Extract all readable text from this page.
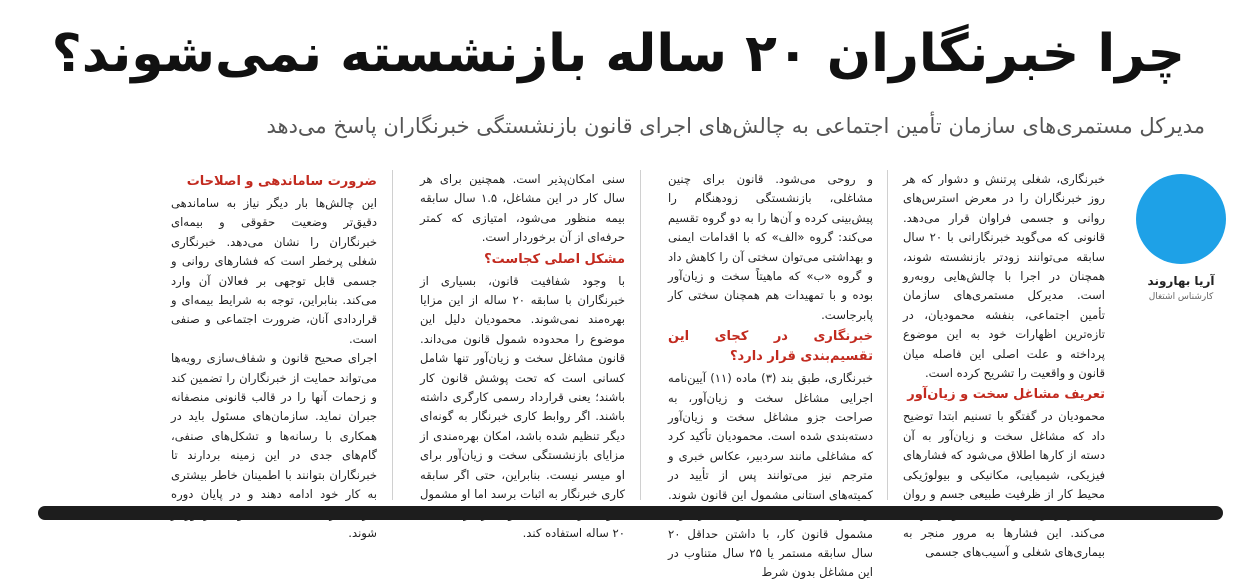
چرا خبرنگاران ۲۰ ساله بازنشسته نمی‌شوند؟
مدیرکل مستمری‌های سازمان تأمین اجتماعی به چالش‌های اجرای قانون بازنشستگی خبرنگاران پاسخ می‌دهد
آریا بهاروند
کارشناس اشتغال

خبرنگاری، شغلی پرتنش و دشوار که هر روز خبرنگاران را در معرض استرس‌های روانی و جسمی فراوان قرار می‌دهد. قانونی که می‌گوید خبرنگارانی با ۲۰ سال سابقه می‌توانند زودتر بازنشسته شوند، همچنان در اجرا با چالش‌هایی روبه‌رو است. مدیرکل مستمری‌های سازمان تأمین اجتماعی، بنفشه محمودیان، در تازه‌ترین اظهارات خود به این موضوع پرداخته و علت اصلی این فاصله میان قانون و واقعیت را تشریح کرده است.

تعریف مشاغل سخت و زیان‌آور

محمودیان در گفتگو با تسنیم ابتدا توضیح داد که مشاغل سخت و زیان‌آور به آن دسته از کارها اطلاق می‌شود که فشارهای فیزیکی، شیمیایی، مکانیکی و بیولوژیکی محیط کار از ظرفیت طبیعی جسم و روان می‌کند. این فشارها به مرور منجر به بیماری‌های شغلی و آسیب‌های جسمی

و روحی می‌شود. قانون برای چنین مشاغلی، بازنشستگی زودهنگام را پیش‌بینی کرده و آن‌ها را به دو گروه تقسیم می‌کند: گروه «الف» که با اقدامات ایمنی و بهداشتی می‌توان سختی آن را کاهش داد و گروه «ب» که ماهیتاً سخت و زیان‌آور بوده و با تمهیدات هم همچنان سختی کار پابرجاست.

خبرنگاری در کجای این تقسیم‌بندی قرار دارد؟

خبرنگاری، طبق بند (۳) ماده (۱۱) آیین‌نامه اجرایی مشاغل سخت و زیان‌آور، به صراحت جزو مشاغل سخت و زیان‌آور دسته‌بندی شده است. محمودیان تأکید کرد که مشاغلی مانند سردبیر، عکاس خبری و مترجم نیز می‌توانند پس از تأیید در کمیته‌های استانی مشمول این قانون شوند. مشمول قانون کار، با داشتن حداقل ۲۰ سال سابقه مستمر یا ۲۵ سال متناوب در این مشاغل بدون شرط

سنی امکان‌پذیر است. همچنین برای هر سال کار در این مشاغل، ۱.۵ سال سابقه بیمه منظور می‌شود، امتیازی که کمتر حرفه‌ای از آن برخوردار است.

مشکل اصلی کجاست؟

با وجود شفافیت قانون، بسیاری از خبرنگاران با سابقه ۲۰ ساله از این مزایا بهره‌مند نمی‌شوند. محمودیان دلیل این موضوع را محدوده شمول قانون می‌داند. قانون مشاغل سخت و زیان‌آور تنها شامل کسانی است که تحت پوشش قانون کار باشند؛ یعنی قرارداد رسمی کارگری داشته باشند. اگر روابط کاری خبرنگار به گونه‌ای دیگر تنظیم شده باشد، امکان بهره‌مندی از مزایای بازنشستگی سخت و زیان‌آور برای او میسر نیست. بنابراین، حتی اگر سابقه کاری خبرنگار به اثبات برسد اما او مشمول ۲۰ ساله استفاده کند.

ضرورت ساماندهی و اصلاحات

این چالش‌ها بار دیگر نیاز به ساماندهی دقیق‌تر وضعیت حقوقی و بیمه‌ای خبرنگاران را نشان می‌دهد. خبرنگاری شغلی پرخطر است که فشارهای روانی و جسمی قابل توجهی بر فعالان آن وارد می‌کند. بنابراین، توجه به شرایط بیمه‌ای و قراردادی آنان، ضرورت اجتماعی و صنفی است.

اجرای صحیح قانون و شفاف‌سازی رویه‌ها می‌تواند حمایت از خبرنگاران را تضمین کند و زحمات آنها را در قالب قانونی منصفانه جبران نماید. سازمان‌های مسئول باید در همکاری با رسانه‌ها و تشکل‌های صنفی، گام‌های جدی در این زمینه بردارند تا خبرنگاران بتوانند با اطمینان خاطر بیشتری به کار خود ادامه دهند و در پایان دوره شوند.
